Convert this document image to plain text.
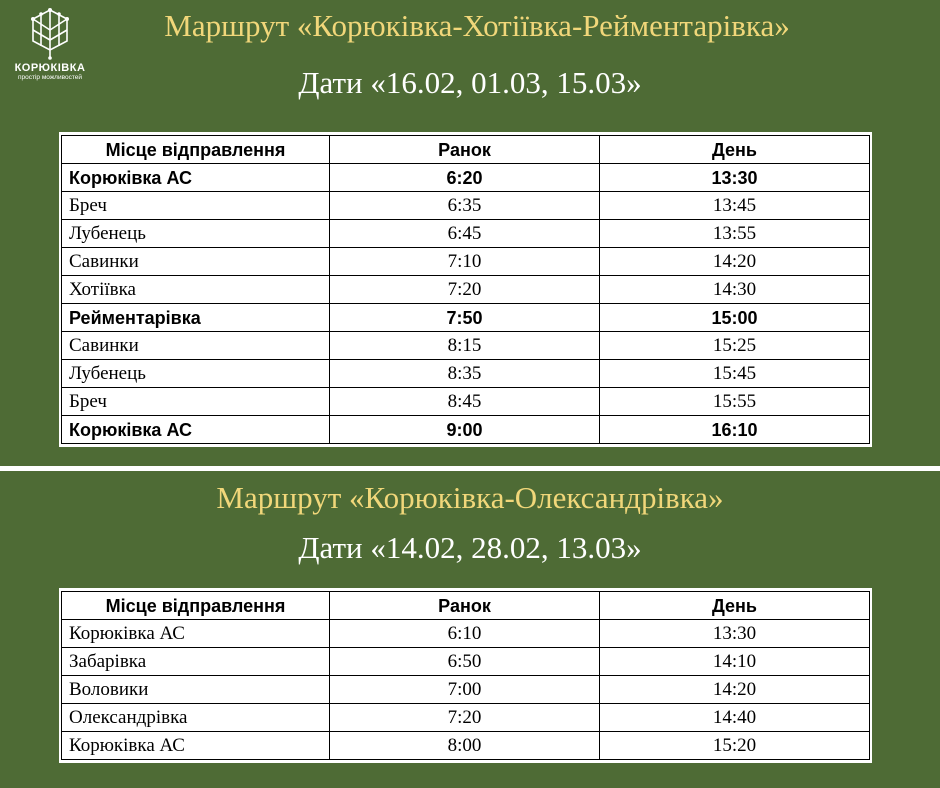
КОРЮКІВКА
простір можливостей
Маршрут «Корюківка-Хотіївка-Рейментарівка»
Дати «16.02, 01.03, 15.03»
Місце відправлення	Ранок	День
Корюківка АС	6:20	13:30
Бреч	6:35	13:45
Лубенець	6:45	13:55
Савинки	7:10	14:20
Хотіївка	7:20	14:30
Рейментарівка	7:50	15:00
Савинки	8:15	15:25
Лубенець	8:35	15:45
Бреч	8:45	15:55
Корюківка АС	9:00	16:10
Маршрут «Корюківка-Олександрівка»
Дати «14.02, 28.02, 13.03»
Місце відправлення	Ранок	День
Корюківка АС	6:10	13:30
Забарівка	6:50	14:10
Воловики	7:00	14:20
Олександрівка	7:20	14:40
Корюківка АС	8:00	15:20
